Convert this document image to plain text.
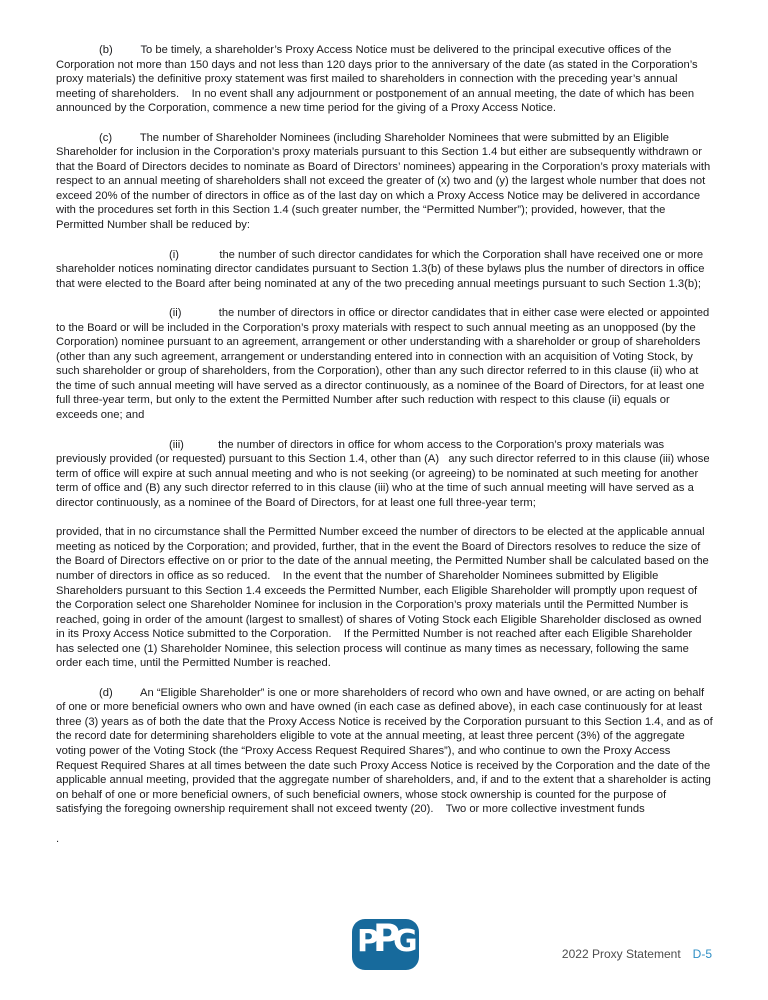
(b)         To be timely, a shareholder’s Proxy Access Notice must be delivered to the principal executive offices of the Corporation not more than 150 days and not less than 120 days prior to the anniversary of the date (as stated in the Corporation’s proxy materials) the definitive proxy statement was first mailed to shareholders in connection with the preceding year’s annual meeting of shareholders.    In no event shall any adjournment or postponement of an annual meeting, the date of which has been announced by the Corporation, commence a new time period for the giving of a Proxy Access Notice.

(c)         The number of Shareholder Nominees (including Shareholder Nominees that were submitted by an Eligible Shareholder for inclusion in the Corporation’s proxy materials pursuant to this Section 1.4 but either are subsequently withdrawn or that the Board of Directors decides to nominate as Board of Directors’ nominees) appearing in the Corporation’s proxy materials with respect to an annual meeting of shareholders shall not exceed the greater of (x) two and (y) the largest whole number that does not exceed 20% of the number of directors in office as of the last day on which a Proxy Access Notice may be delivered in accordance with the procedures set forth in this Section 1.4 (such greater number, the “Permitted Number”); provided, however, that the Permitted Number shall be reduced by:

(i)             the number of such director candidates for which the Corporation shall have received one or more shareholder notices nominating director candidates pursuant to Section 1.3(b) of these bylaws plus the number of directors in office that were elected to the Board after being nominated at any of the two preceding annual meetings pursuant to such Section 1.3(b);

(ii)            the number of directors in office or director candidates that in either case were elected or appointed to the Board or will be included in the Corporation’s proxy materials with respect to such annual meeting as an unopposed (by the Corporation) nominee pursuant to an agreement, arrangement or other understanding with a shareholder or group of shareholders (other than any such agreement, arrangement or understanding entered into in connection with an acquisition of Voting Stock, by such shareholder or group of shareholders, from the Corporation), other than any such director referred to in this clause (ii) who at the time of such annual meeting will have served as a director continuously, as a nominee of the Board of Directors, for at least one full three-year term, but only to the extent the Permitted Number after such reduction with respect to this clause (ii) equals or exceeds one; and

(iii)           the number of directors in office for whom access to the Corporation’s proxy materials was previously provided (or requested) pursuant to this Section 1.4, other than (A)   any such director referred to in this clause (iii) whose term of office will expire at such annual meeting and who is not seeking (or agreeing) to be nominated at such meeting for another term of office and (B) any such director referred to in this clause (iii) who at the time of such annual meeting will have served as a director continuously, as a nominee of the Board of Directors, for at least one full three-year term;

provided, that in no circumstance shall the Permitted Number exceed the number of directors to be elected at the applicable annual meeting as noticed by the Corporation; and provided, further, that in the event the Board of Directors resolves to reduce the size of the Board of Directors effective on or prior to the date of the annual meeting, the Permitted Number shall be calculated based on the number of directors in office as so reduced.    In the event that the number of Shareholder Nominees submitted by Eligible Shareholders pursuant to this Section 1.4 exceeds the Permitted Number, each Eligible Shareholder will promptly upon request of the Corporation select one Shareholder Nominee for inclusion in the Corporation’s proxy materials until the Permitted Number is reached, going in order of the amount (largest to smallest) of shares of Voting Stock each Eligible Shareholder disclosed as owned in its Proxy Access Notice submitted to the Corporation.    If the Permitted Number is not reached after each Eligible Shareholder has selected one (1) Shareholder Nominee, this selection process will continue as many times as necessary, following the same order each time, until the Permitted Number is reached.

(d)         An “Eligible Shareholder” is one or more shareholders of record who own and have owned, or are acting on behalf of one or more beneficial owners who own and have owned (in each case as defined above), in each case continuously for at least three (3) years as of both the date that the Proxy Access Notice is received by the Corporation pursuant to this Section 1.4, and as of the record date for determining shareholders eligible to vote at the annual meeting, at least three percent (3%) of the aggregate voting power of the Voting Stock (the “Proxy Access Request Required Shares”), and who continue to own the Proxy Access Request Required Shares at all times between the date such Proxy Access Notice is received by the Corporation and the date of the applicable annual meeting, provided that the aggregate number of shareholders, and, if and to the extent that a shareholder is acting on behalf of one or more beneficial owners, of such beneficial owners, whose stock ownership is counted for the purpose of satisfying the foregoing ownership requirement shall not exceed twenty (20).    Two or more collective investment funds

.

P
P
G	2022 Proxy Statement D-5
